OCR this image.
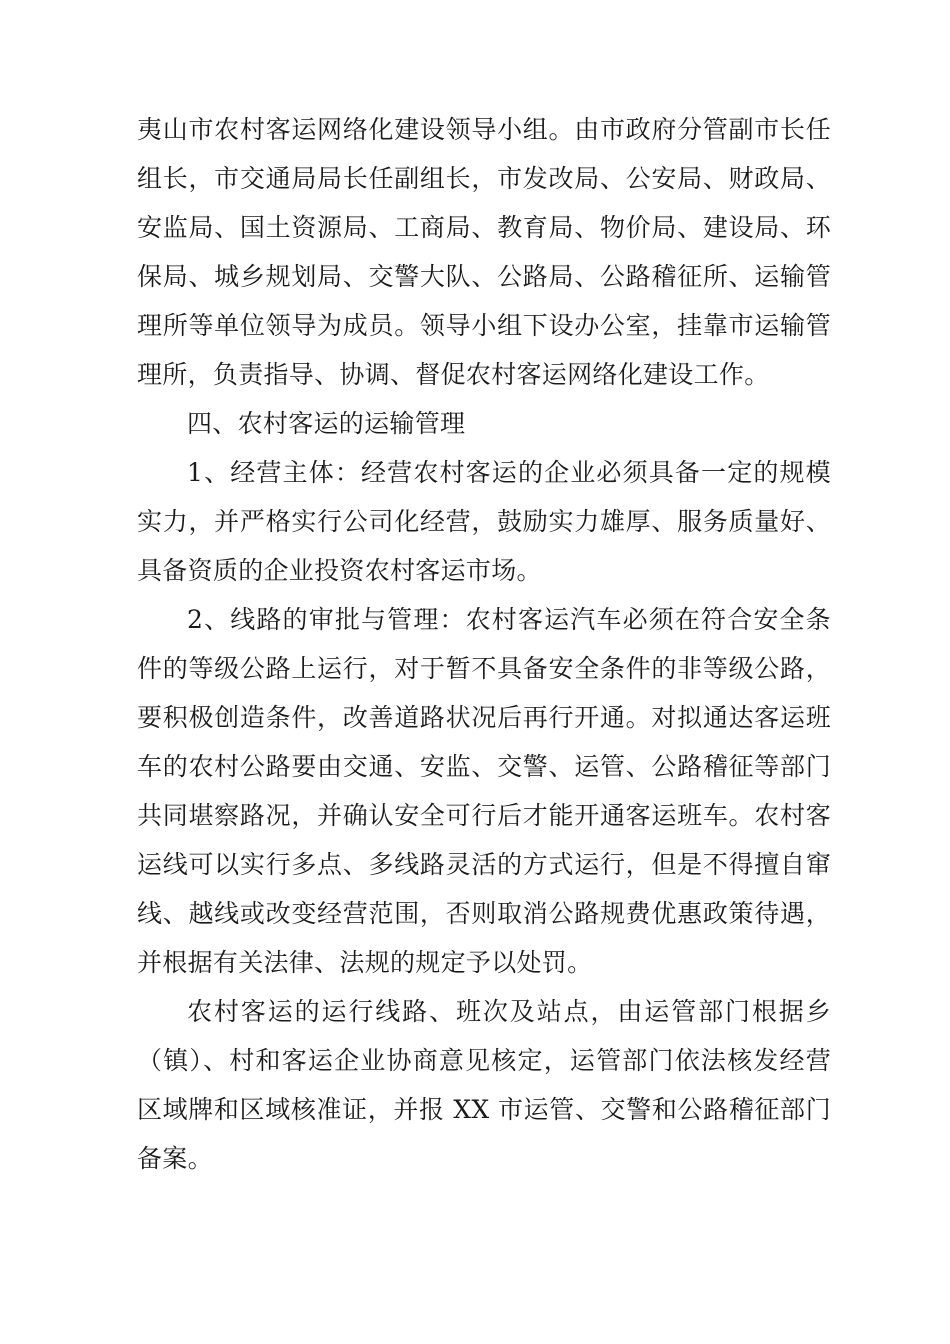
夷山市农村客运网络化建设领导小组。由市政府分管副市长任
组长，市交通局局长任副组长，市发改局、公安局、财政局、
安监局、国土资源局、工商局、教育局、物价局、建设局、环
保局、城乡规划局、交警大队、公路局、公路稽征所、运输管
理所等单位领导为成员。领导小组下设办公室，挂靠市运输管
理所，负责指导、协调、督促农村客运网络化建设工作。
四、农村客运的运输管理
1、经营主体：经营农村客运的企业必须具备一定的规模
实力，并严格实行公司化经营，鼓励实力雄厚、服务质量好、
具备资质的企业投资农村客运市场。
2、线路的审批与管理：农村客运汽车必须在符合安全条
件的等级公路上运行，对于暂不具备安全条件的非等级公路，
要积极创造条件，改善道路状况后再行开通。对拟通达客运班
车的农村公路要由交通、安监、交警、运管、公路稽征等部门
共同堪察路况，并确认安全可行后才能开通客运班车。农村客
运线可以实行多点、多线路灵活的方式运行，但是不得擅自窜
线、越线或改变经营范围，否则取消公路规费优惠政策待遇，
并根据有关法律、法规的规定予以处罚。
农村客运的运行线路、班次及站点，由运管部门根据乡
（镇）、村和客运企业协商意见核定，运管部门依法核发经营
区域牌和区域核准证，并报 XX 市运管、交警和公路稽征部门
备案。
